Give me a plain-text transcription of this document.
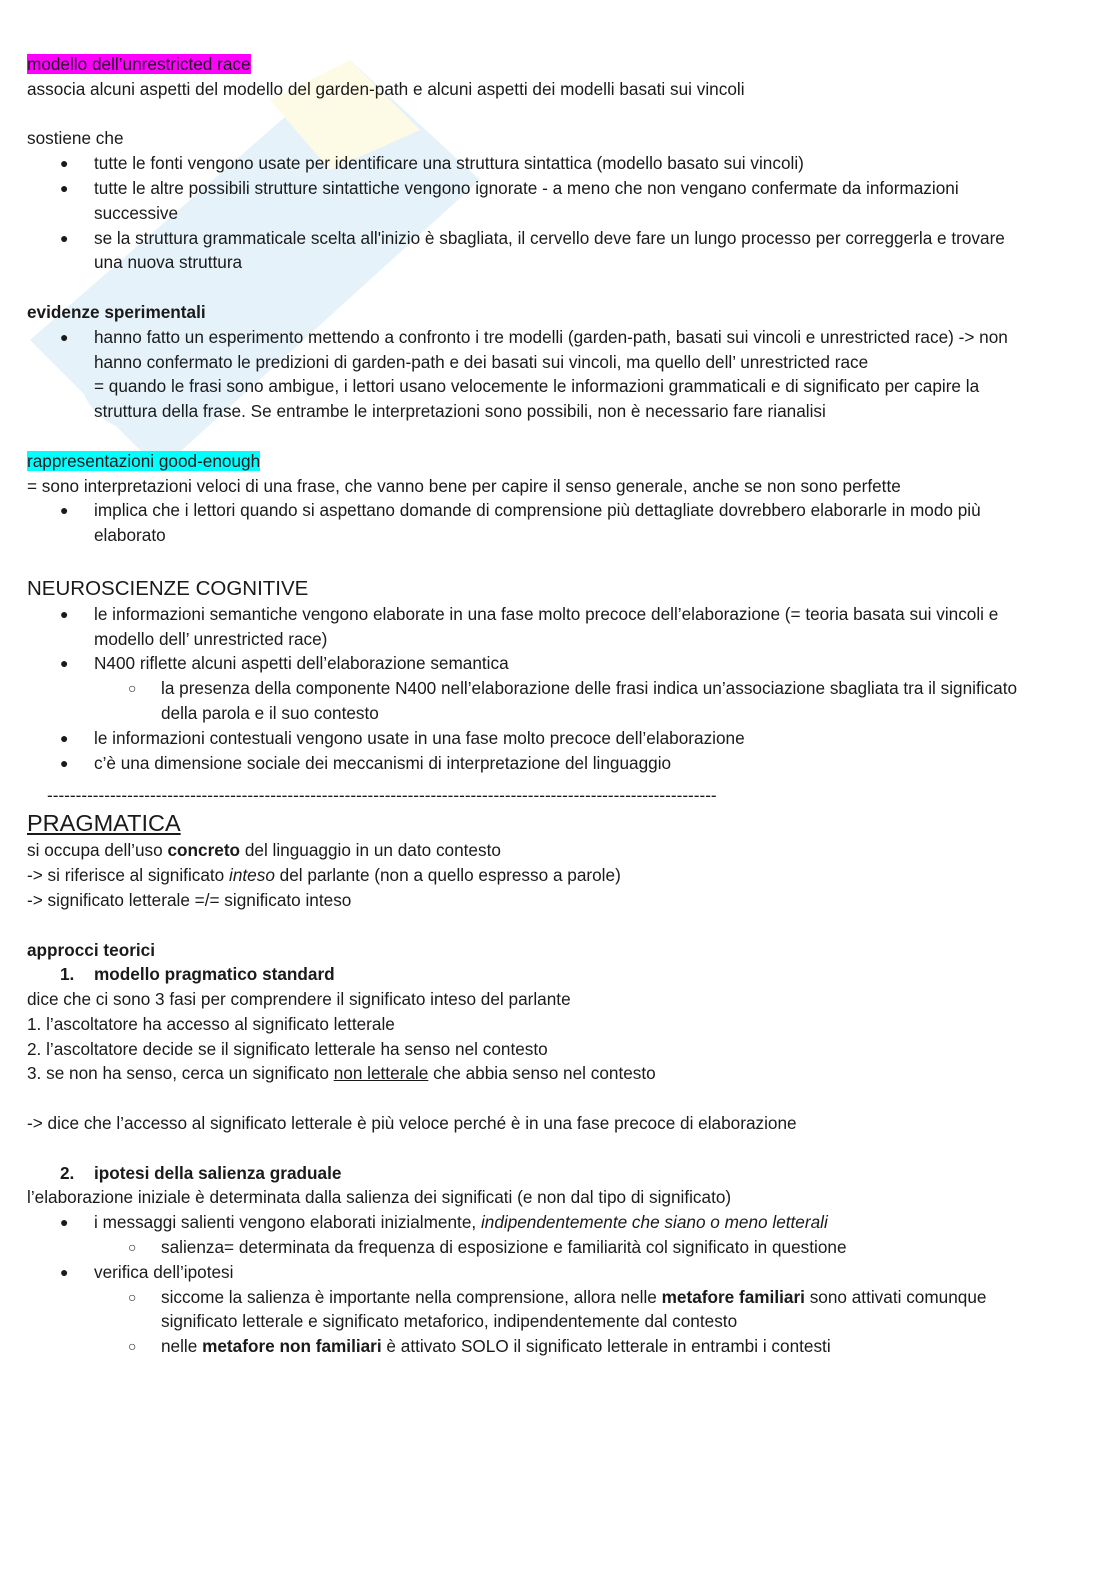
modello dell’unrestricted race

associa alcuni aspetti del modello del garden-path e alcuni aspetti dei modelli basati sui vincoli

sostiene che

● tutte le fonti vengono usate per identificare una struttura sintattica (modello basato sui vincoli)
● tutte le altre possibili strutture sintattiche vengono ignorate - a meno che non vengano confermate da informazioni successive
● se la struttura grammaticale scelta all'inizio è sbagliata, il cervello deve fare un lungo processo per correggerla e trovare una nuova struttura

evidenze sperimentali

● hanno fatto un esperimento mettendo a confronto i tre modelli (garden-path, basati sui vincoli e unrestricted race) -> non hanno confermato le predizioni di garden-path e dei basati sui vincoli, ma quello dell’ unrestricted race
= quando le frasi sono ambigue, i lettori usano velocemente le informazioni grammaticali e di significato per capire la struttura della frase. Se entrambe le interpretazioni sono possibili, non è necessario fare rianalisi

rappresentazioni good-enough

= sono interpretazioni veloci di una frase, che vanno bene per capire il senso generale, anche se non sono perfette

● implica che i lettori quando si aspettano domande di comprensione più dettagliate dovrebbero elaborarle in modo più elaborato

NEUROSCIENZE COGNITIVE

● le informazioni semantiche vengono elaborate in una fase molto precoce dell’elaborazione (= teoria basata sui vincoli e modello dell’ unrestricted race)
● N400 riflette alcuni aspetti dell’elaborazione semantica
○ la presenza della componente N400 nell’elaborazione delle frasi indica un’associazione sbagliata tra il significato della parola e il suo contesto
● le informazioni contestuali vengono usate in una fase molto precoce dell’elaborazione
● c’è una dimensione sociale dei meccanismi di interpretazione del linguaggio

---------------------------------------------------------------------------------------------------------------------

PRAGMATICA

si occupa dell’uso concreto del linguaggio in un dato contesto

-> si riferisce al significato inteso del parlante (non a quello espresso a parole)

-> significato letterale =/= significato inteso

approcci teorici

1. modello pragmatico standard

dice che ci sono 3 fasi per comprendere il significato inteso del parlante

1. l’ascoltatore ha accesso al significato letterale

2. l’ascoltatore decide se il significato letterale ha senso nel contesto

3. se non ha senso, cerca un significato non letterale che abbia senso nel contesto

-> dice che l’accesso al significato letterale è più veloce perché è in una fase precoce di elaborazione

2. ipotesi della salienza graduale

l’elaborazione iniziale è determinata dalla salienza dei significati (e non dal tipo di significato)

● i messaggi salienti vengono elaborati inizialmente, indipendentemente che siano o meno letterali
○ salienza= determinata da frequenza di esposizione e familiarità col significato in questione
● verifica dell’ipotesi
○ siccome la salienza è importante nella comprensione, allora nelle metafore familiari sono attivati comunque significato letterale e significato metaforico, indipendentemente dal contesto
○ nelle metafore non familiari è attivato SOLO il significato letterale in entrambi i contesti
